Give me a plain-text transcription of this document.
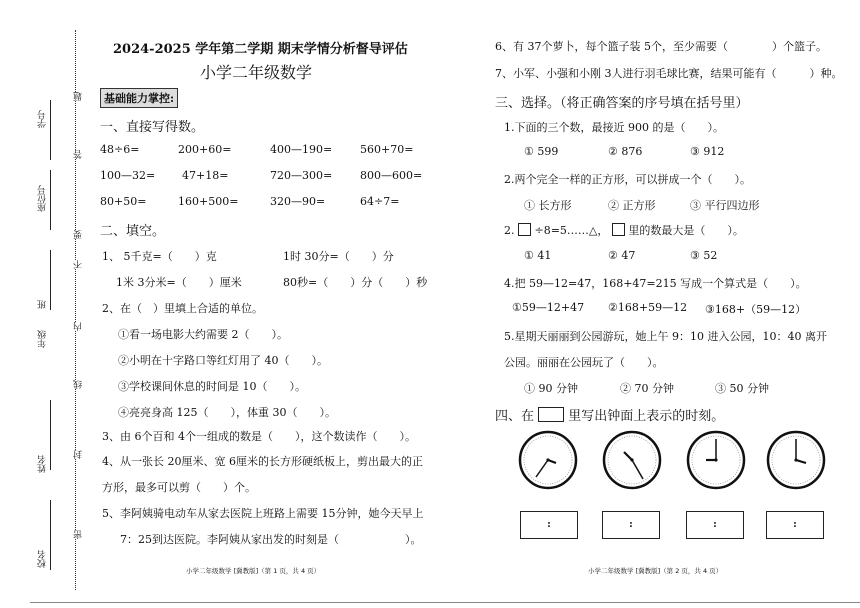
学号
座位号
班
年级
姓名
校名
题
答
要
不
内
线
封
密
2024-2025 学年第二学期 期末学情分析督导评估
小学二年级数学
基础能力掌控:
一、直接写得数。
48÷6=	200+60=	400—190=	560+70=
100—32= 47+18=	720—300=	800—600=
80+50=	160+500=	320—90=	64÷7=
二、填空。
1、 5千克=（　　）克	1时 30分=（　　）分
1米 3分米=（　　）厘米	80秒=（　　）分（　　）秒
2、在（　）里填上合适的单位。
①看一场电影大约需要 2（　　）。
②小明在十字路口等红灯用了 40（　　）。
③学校课间休息的时间是 10（　　）。
④亮亮身高 125（　　），体重 30（　　）。
3、由 6个百和 4个一组成的数是（　　），这个数读作（　　）。
4、从一张长 20厘米、宽 6厘米的长方形硬纸板上，剪出最大的正
方形，最多可以剪（　　）个。
5、李阿姨骑电动车从家去医院上班路上需要 15分钟，她今天早上
7：25到达医院。李阿姨从家出发的时刻是（　　　　　　）。
小学二年级数学 [冀教版]（第 1 页，共 4 页）
6、有 37个萝卜，每个篮子装 5个，至少需要（　　　　）个篮子。
7、小军、小强和小刚 3人进行羽毛球比赛，结果可能有（　　　）种。
三、选择。（将正确答案的序号填在括号里）
1.下面的三个数，最接近 900 的是（　　）。
① 599	② 876	③ 912
2.两个完全一样的正方形，可以拼成一个（　　）。
① 长方形	② 正方形	③ 平行四边形
2. ÷8=5……△， 里的数最大是（　　）。
① 41	② 47	③ 52
4.把 59—12=47，168+47=215 写成一个算式是（　　）。
①59—12+47 ②168+59—12 ③168+（59—12）
5.星期天丽丽到公园游玩，她上午 9：10 进入公园，10：40 离开
公园。丽丽在公园玩了（　　）。
① 90 分钟	② 70 分钟	③ 50 分钟
四、在	里写出钟面上表示的时刻。
:	:	:	:
小学二年级数学 [冀教版]（第 2 页，共 4 页）
